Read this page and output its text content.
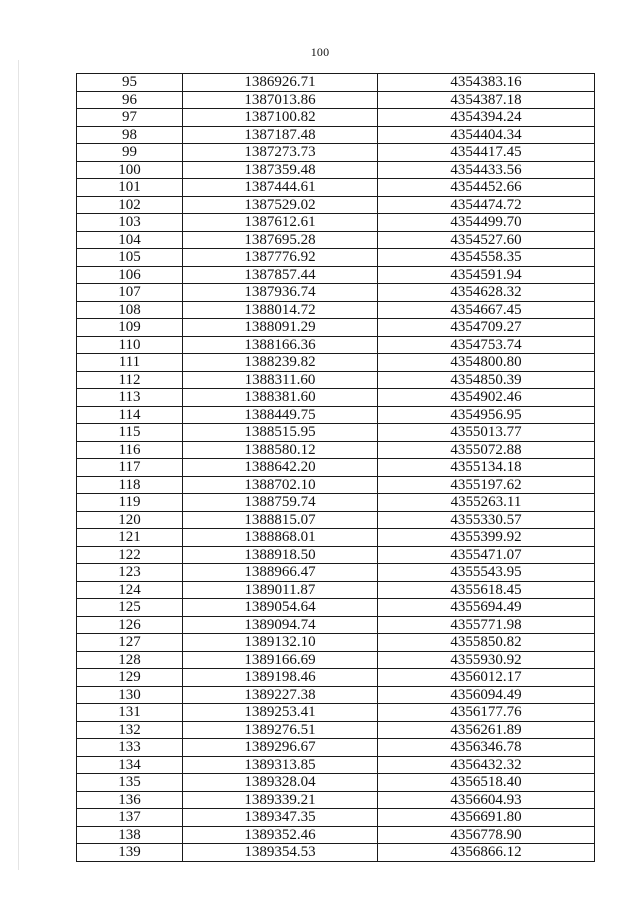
100
95	1386926.71	4354383.16
96	1387013.86	4354387.18
97	1387100.82	4354394.24
98	1387187.48	4354404.34
99	1387273.73	4354417.45
100	1387359.48	4354433.56
101	1387444.61	4354452.66
102	1387529.02	4354474.72
103	1387612.61	4354499.70
104	1387695.28	4354527.60
105	1387776.92	4354558.35
106	1387857.44	4354591.94
107	1387936.74	4354628.32
108	1388014.72	4354667.45
109	1388091.29	4354709.27
110	1388166.36	4354753.74
111	1388239.82	4354800.80
112	1388311.60	4354850.39
113	1388381.60	4354902.46
114	1388449.75	4354956.95
115	1388515.95	4355013.77
116	1388580.12	4355072.88
117	1388642.20	4355134.18
118	1388702.10	4355197.62
119	1388759.74	4355263.11
120	1388815.07	4355330.57
121	1388868.01	4355399.92
122	1388918.50	4355471.07
123	1388966.47	4355543.95
124	1389011.87	4355618.45
125	1389054.64	4355694.49
126	1389094.74	4355771.98
127	1389132.10	4355850.82
128	1389166.69	4355930.92
129	1389198.46	4356012.17
130	1389227.38	4356094.49
131	1389253.41	4356177.76
132	1389276.51	4356261.89
133	1389296.67	4356346.78
134	1389313.85	4356432.32
135	1389328.04	4356518.40
136	1389339.21	4356604.93
137	1389347.35	4356691.80
138	1389352.46	4356778.90
139	1389354.53	4356866.12
